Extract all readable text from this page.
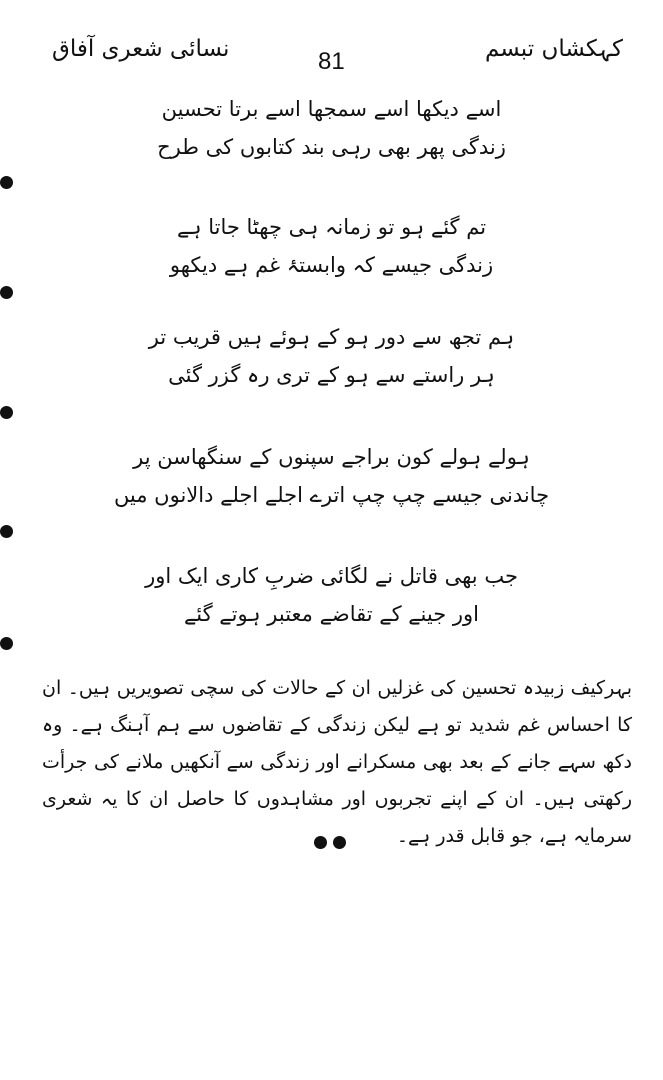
نسائی شعری آفاق	81	کہکشاں تبسم
اسے دیکھا اسے سمجھا اسے برتا تحسین
زندگی پھر بھی رہی بند کتابوں کی طرح
تم گئے ہو تو زمانہ ہی چھٹا جاتا ہے
زندگی جیسے کہ وابستۂ غم ہے دیکھو
ہم تجھ سے دور ہو کے ہوئے ہیں قریب تر
ہر راستے سے ہو کے تری رہ گزر گئی
ہولے ہولے کون براجے سپنوں کے سنگھاسن پر
چاندنی جیسے چپ چپ اترے اجلے اجلے دالانوں میں
جب بھی قاتل نے لگائی ضربِ کاری ایک اور
اور جینے کے تقاضے معتبر ہوتے گئے

بہرکیف زبیدہ تحسین کی غزلیں ان کے حالات کی سچی تصویریں ہیں۔ ان کا احساس غم شدید تو ہے لیکن زندگی کے تقاضوں سے ہم آہنگ ہے۔ وہ دکھ سہے جانے کے بعد بھی مسکرانے اور زندگی سے آنکھیں ملانے کی جرأت رکھتی ہیں۔ ان کے اپنے تجربوں اور مشاہدوں کا حاصل ان کا یہ شعری سرمایہ ہے، جو قابل قدر ہے۔
